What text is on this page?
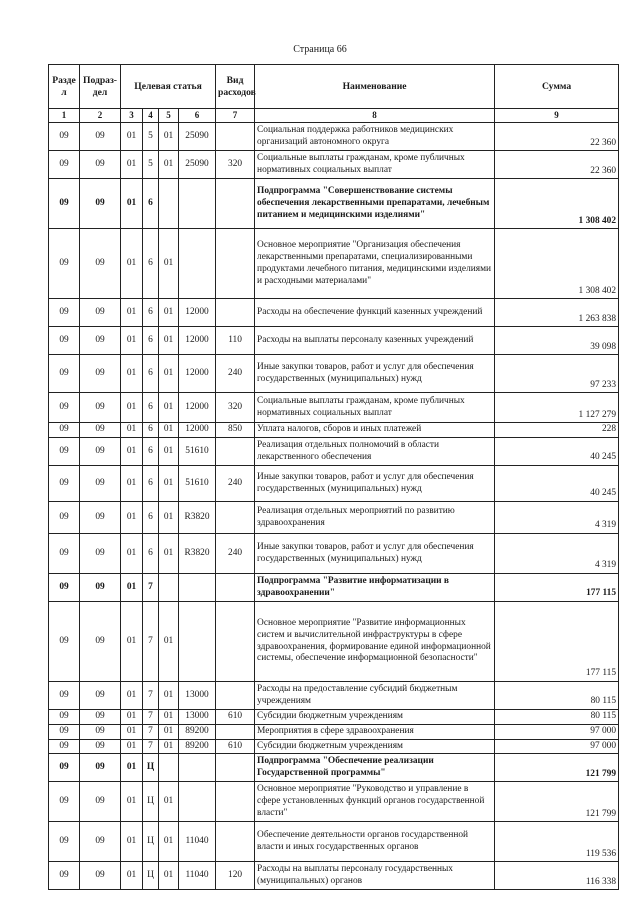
Страница 66
Разде л	Подраз-дел	Целевая статья				Вид расходов	Наименование	Сумма
1	2	3	4	5	6	7	8	9
09	09	01	5	01	25090		Социальная поддержка работников медицинских организаций автономного округа	22 360
09	09	01	5	01	25090	320	Социальные выплаты гражданам, кроме публичных нормативных социальных выплат	22 360
09	09	01	6				Подпрограмма "Совершенствование системы обеспечения лекарственными препаратами, лечебным питанием и медицинскими изделиями"	1 308 402
09	09	01	6	01			Основное мероприятие "Организация обеспечения лекарственными препаратами, специализированными продуктами лечебного питания, медицинскими изделиями и расходными материалами"	1 308 402
09	09	01	6	01	12000		Расходы на обеспечение функций казенных учреждений	1 263 838
09	09	01	6	01	12000	110	Расходы на выплаты персоналу казенных учреждений	39 098
09	09	01	6	01	12000	240	Иные закупки товаров, работ и услуг для обеспечения государственных (муниципальных) нужд	97 233
09	09	01	6	01	12000	320	Социальные выплаты гражданам, кроме публичных нормативных социальных выплат	1 127 279
09	09	01	6	01	12000	850	Уплата налогов, сборов и иных платежей	228
09	09	01	6	01	51610		Реализация отдельных полномочий в области лекарственного обеспечения	40 245
09	09	01	6	01	51610	240	Иные закупки товаров, работ и услуг для обеспечения государственных (муниципальных) нужд	40 245
09	09	01	6	01	R3820		Реализация отдельных мероприятий по развитию здравоохранения	4 319
09	09	01	6	01	R3820	240	Иные закупки товаров, работ и услуг для обеспечения государственных (муниципальных) нужд	4 319
09	09	01	7				Подпрограмма "Развитие информатизации в здравоохранении"	177 115
09	09	01	7	01			Основное мероприятие "Развитие информационных систем и вычислительной инфраструктуры в сфере здравоохранения, формирование единой информационной системы, обеспечение информационной безопасности"	177 115
09	09	01	7	01	13000		Расходы на предоставление субсидий бюджетным учреждениям	80 115
09	09	01	7	01	13000	610	Субсидии бюджетным учреждениям	80 115
09	09	01	7	01	89200		Мероприятия в сфере здравоохранения	97 000
09	09	01	7	01	89200	610	Субсидии бюджетным учреждениям	97 000
09	09	01	Ц				Подпрограмма "Обеспечение реализации Государственной программы"	121 799
09	09	01	Ц	01			Основное мероприятие "Руководство и управление в сфере установленных функций органов государственной власти"	121 799
09	09	01	Ц	01	11040		Обеспечение деятельности органов государственной власти и иных государственных органов	119 536
09	09	01	Ц	01	11040	120	Расходы на выплаты персоналу государственных (муниципальных) органов	116 338
